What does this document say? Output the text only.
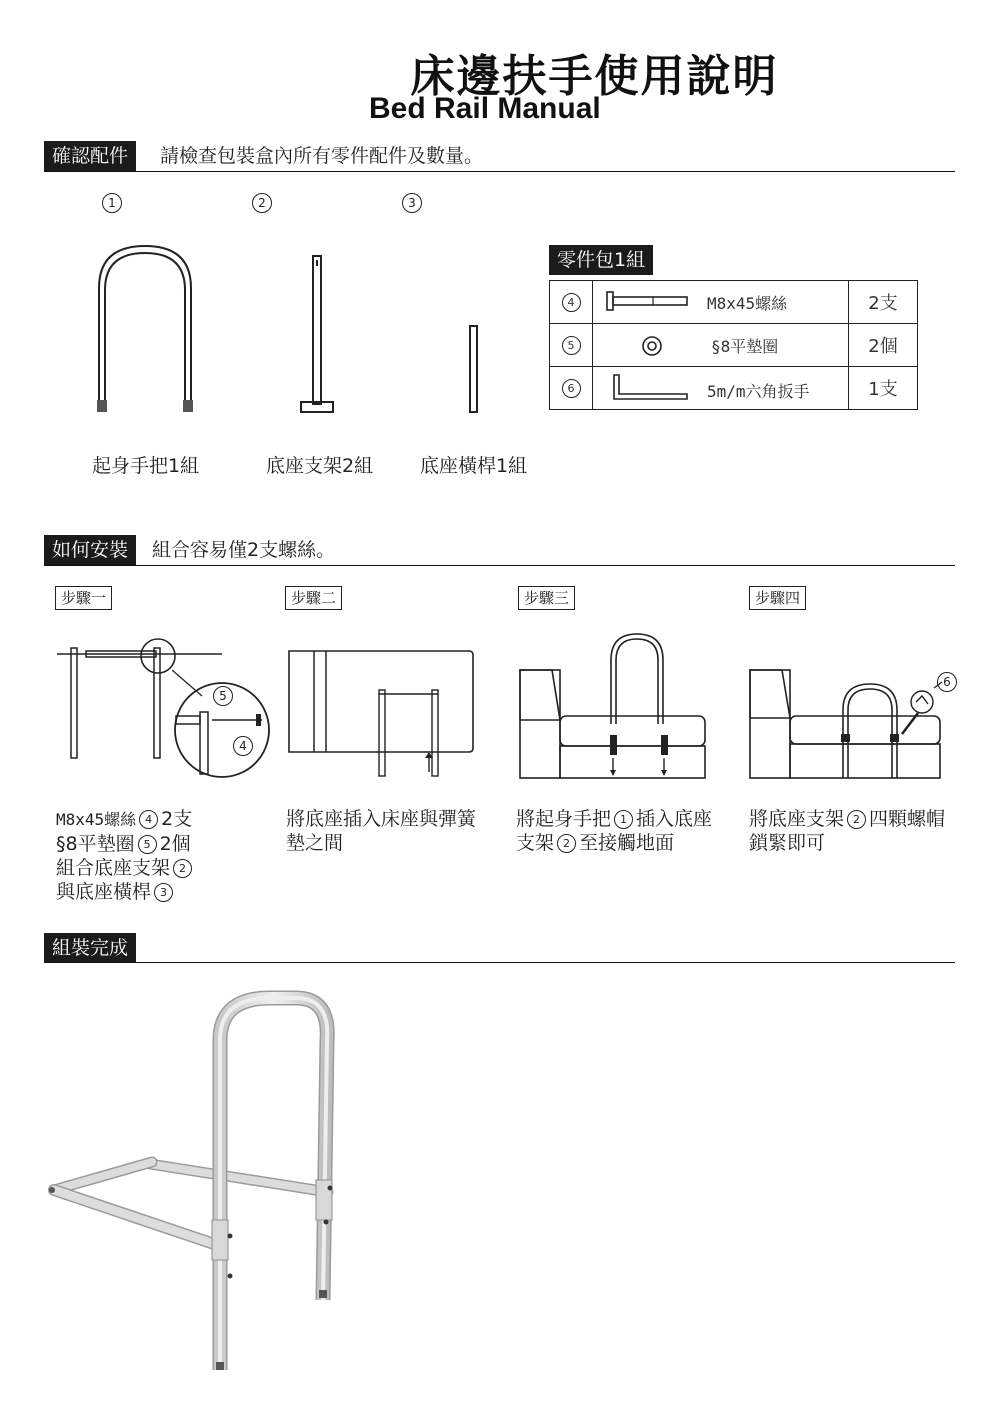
床邊扶手使用說明
Bed Rail Manual
確認配件	請檢查包裝盒內所有零件配件及數量。
1	2	3
起身手把1組	底座支架2組 底座橫桿1組
零件包1組
4	M8x45螺絲	2支
5	§8平墊圈	2個
6	5m/m六角扳手	1支
如何安裝	組合容易僅2支螺絲。
步驟一	步驟二	步驟三	步驟四
5
4
6
M8x45螺絲 4 2支
§8平墊圈 5 2個
組合底座支架 2
與底座橫桿 3
將底座插入床座與彈簧
墊之間
將起身手把 1 插入底座
支架 2 至接觸地面
將底座支架 2 四顆螺帽
鎖緊即可
組裝完成
